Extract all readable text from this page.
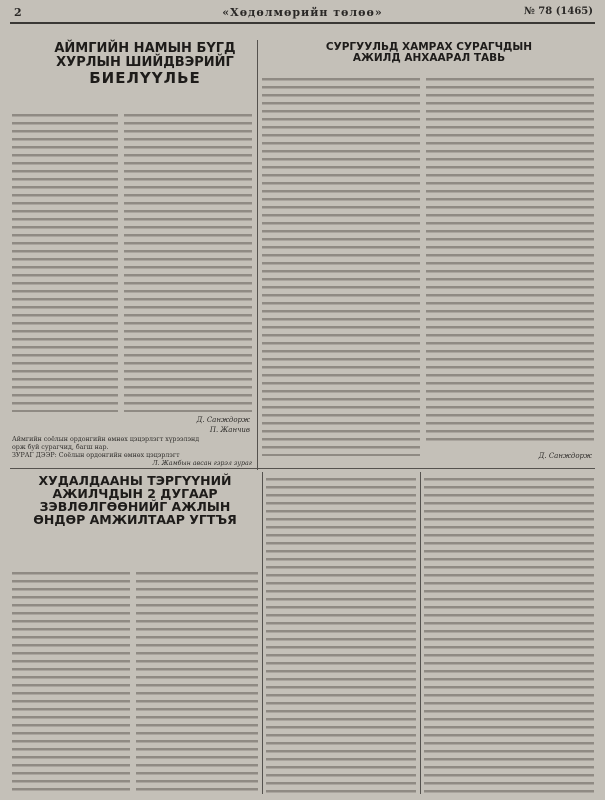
2	«Хөдөлмөрийн төлөө»	№ 78 (1465)
АЙМГИЙН НАМЫН БҮГД
ХУРЛЫН ШИЙДВЭРИЙГ
БИЕЛҮҮЛЬЕ
Д. Санждорж
П. Жанчив
СУРГУУЛЬД ХАМРАХ СУРАГЧДЫН
АЖИЛД АНХААРАЛ ТАВЬ
Д. Санждорж
Аймгийн соёлын ордонгийн өмнөх цэцэрлэгт хүрээлэнд
орж буй сурагчид, багш нар.
ЗУРАГ ДЭЭР: Соёлын ордонгийн өмнөх цэцэрлэгт
Л. Жамбын авсан гэрэл зураг
ХУДАЛДААНЫ ТЭРГҮҮНИЙ
АЖИЛЧДЫН 2 ДУГААР
ЗЭВЛӨЛГӨӨНИЙГ АЖЛЫН
ӨНДӨР АМЖИЛТААР УГТЪЯ
